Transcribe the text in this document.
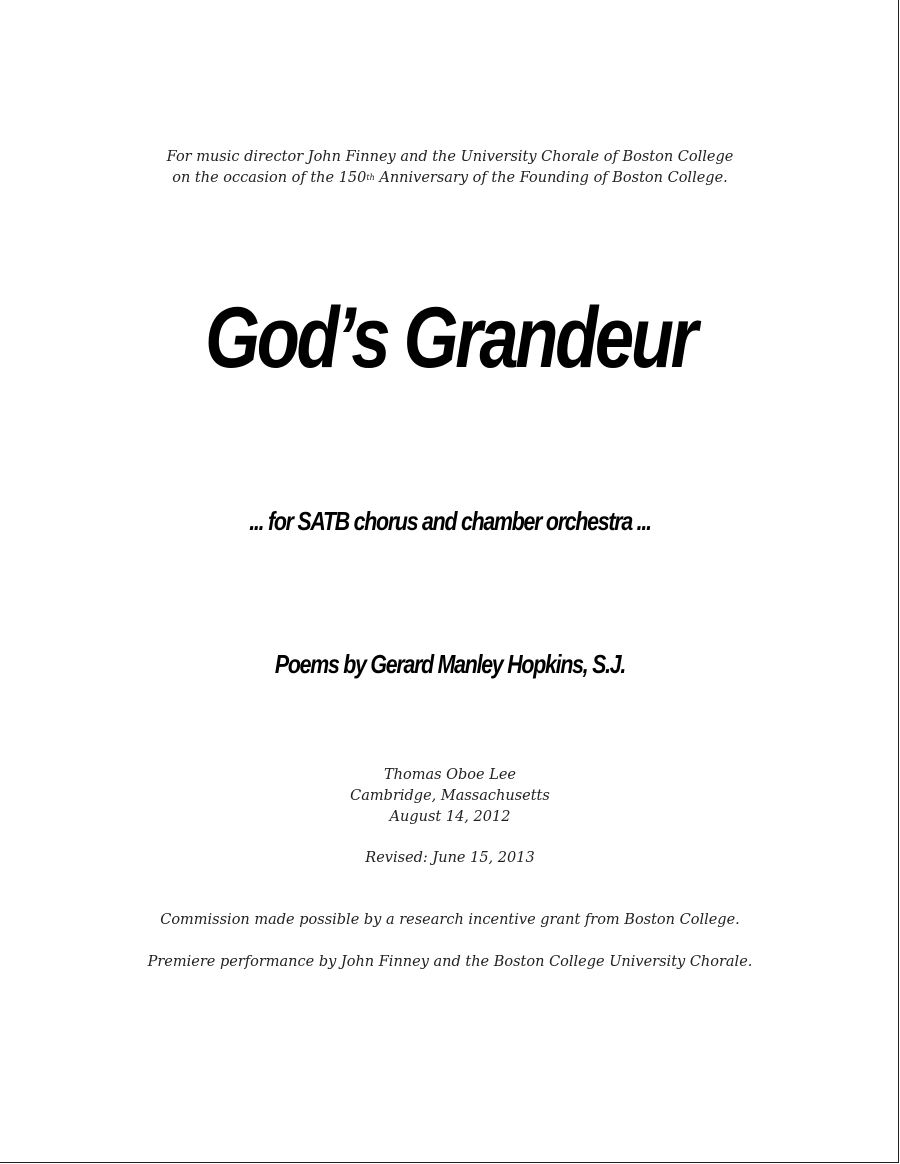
For music director John Finney and the University Chorale of Boston College
on the occasion of the 150th Anniversary of the Founding of Boston College.
God’s Grandeur
... for SATB chorus and chamber orchestra ...
Poems by Gerard Manley Hopkins, S.J.
Thomas Oboe Lee
Cambridge, Massachusetts
August 14, 2012
Revised: June 15, 2013
Commission made possible by a research incentive grant from Boston College.
Premiere performance by John Finney and the Boston College University Chorale.
